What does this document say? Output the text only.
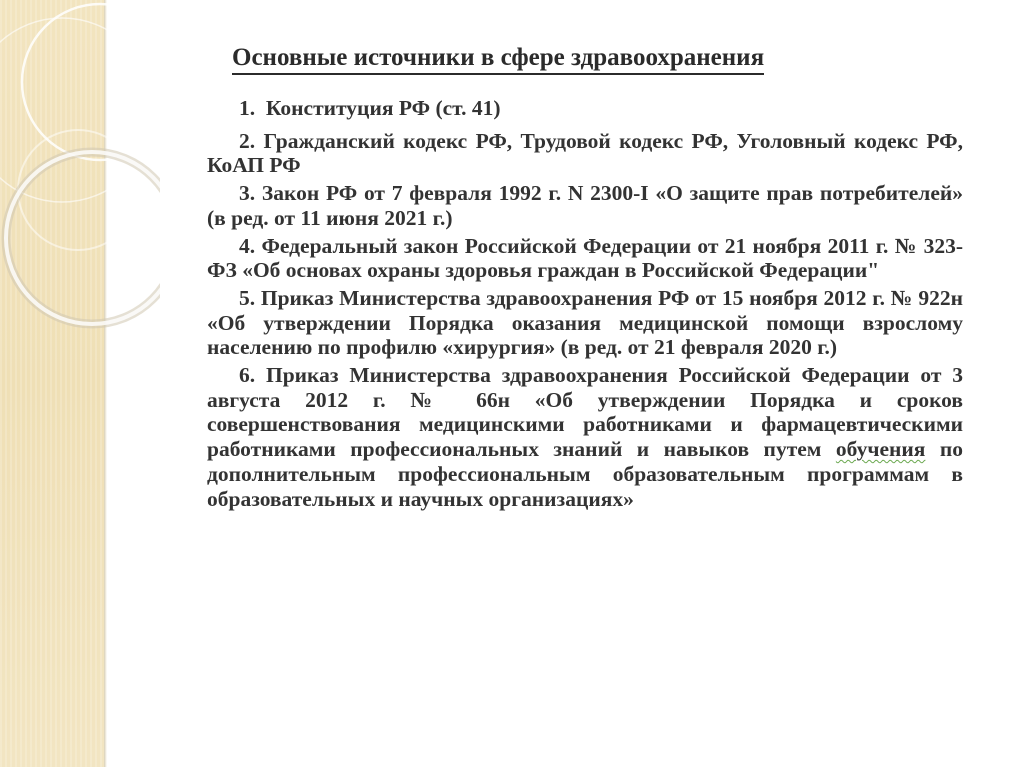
Основные источники в сфере здравоохранения

1. Конституция РФ (ст. 41)

2. Гражданский кодекс РФ, Трудовой кодекс РФ, Уголовный кодекс РФ, КоАП РФ

3. Закон РФ от 7 февраля 1992 г. N 2300-I «О защите прав потребителей» (в ред. от 11 июня 2021 г.)

4. Федеральный закон Российской Федерации от 21 ноября 2011 г. № 323-ФЗ «Об основах охраны здоровья граждан в Российской Федерации"

5. Приказ Министерства здравоохранения РФ от 15 ноября 2012 г. № 922н «Об утверждении Порядка оказания медицинской помощи взрослому населению по профилю «хирургия» (в ред. от 21 февраля 2020 г.)

6. Приказ Министерства здравоохранения Российской Федерации от 3 августа 2012 г. № 66н «Об утверждении Порядка и сроков совершенствования медицинскими работниками и фармацевтическими работниками профессиональных знаний и навыков путем обучения по дополнительным профессиональным образовательным программам в образовательных и научных организациях»
